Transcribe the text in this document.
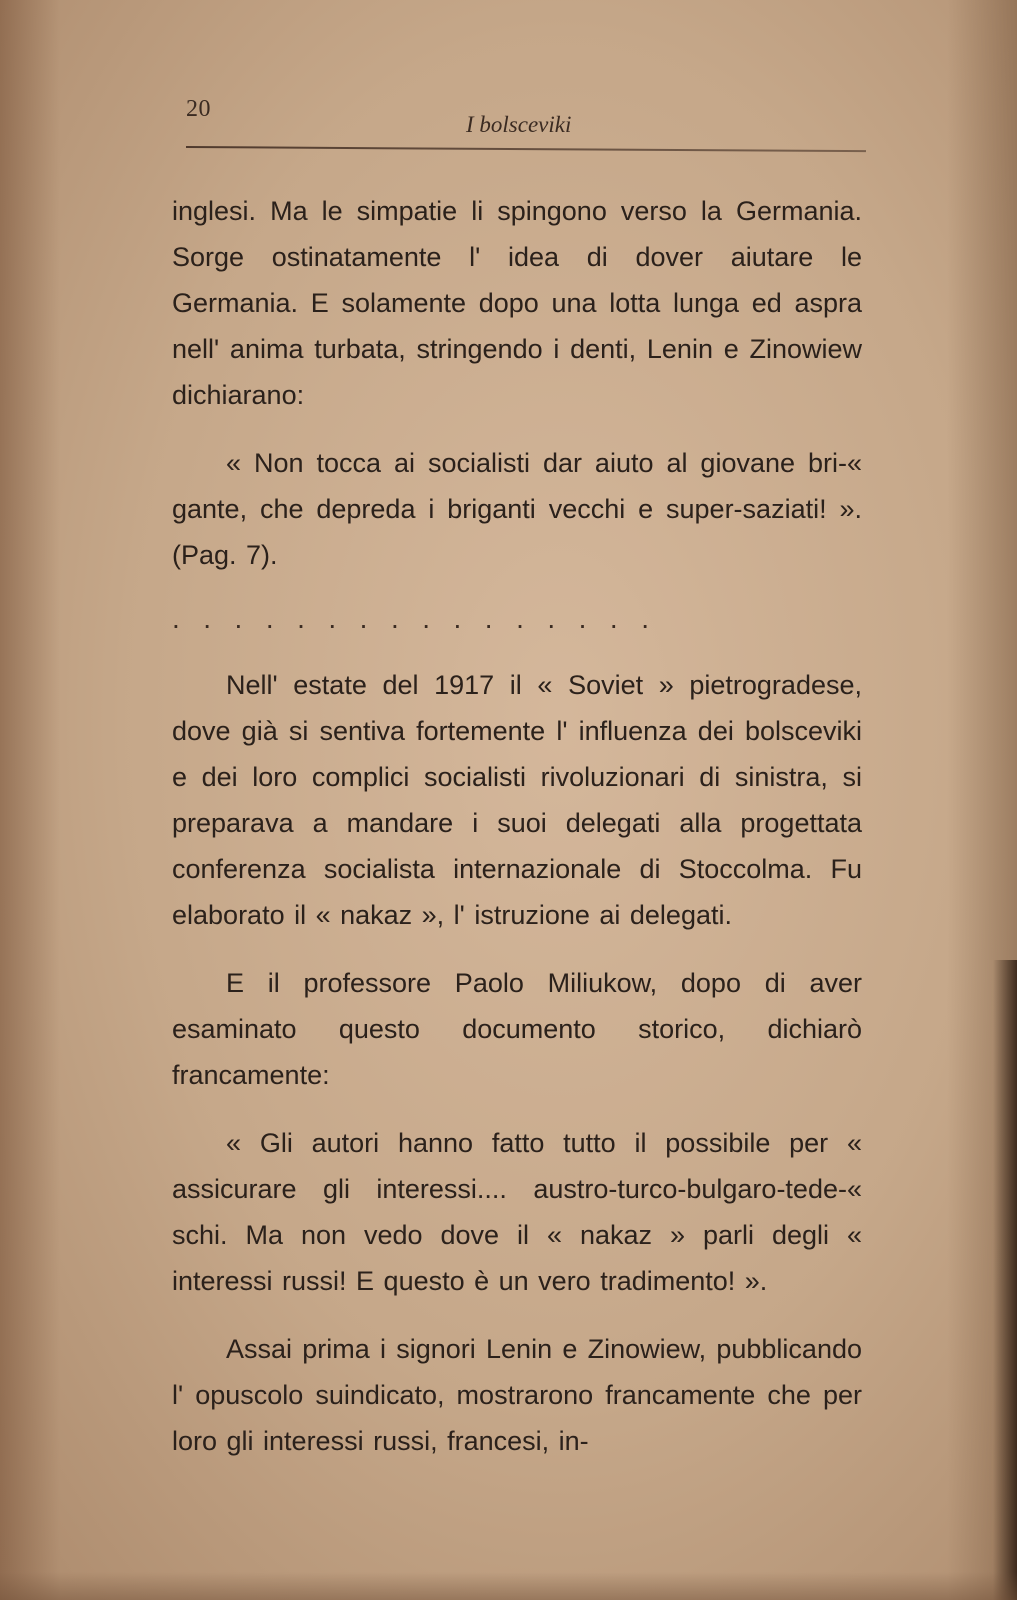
20
I bolsceviki

inglesi. Ma le simpatie li spingono verso la Germania. Sorge ostinatamente l' idea di dover aiutare le Germania. E solamente dopo una lotta lunga ed aspra nell' anima turbata, stringendo i denti, Lenin e Zinowiew dichiarano:

« Non tocca ai socialisti dar aiuto al giovane bri-« gante, che depreda i briganti vecchi e super-saziati! ». (Pag. 7).

................

Nell' estate del 1917 il « Soviet » pietrogradese, dove già si sentiva fortemente l' influenza dei bolsceviki e dei loro complici socialisti rivoluzionari di sinistra, si preparava a mandare i suoi delegati alla progettata conferenza socialista internazionale di Stoccolma. Fu elaborato il « nakaz », l' istruzione ai delegati.

E il professore Paolo Miliukow, dopo di aver esaminato questo documento storico, dichiarò francamente:

« Gli autori hanno fatto tutto il possibile per « assicurare gli interessi.... austro-turco-bulgaro-tede-« schi. Ma non vedo dove il « nakaz » parli degli « interessi russi! E questo è un vero tradimento! ».

Assai prima i signori Lenin e Zinowiew, pubblicando l' opuscolo suindicato, mostrarono francamente che per loro gli interessi russi, francesi, in-
